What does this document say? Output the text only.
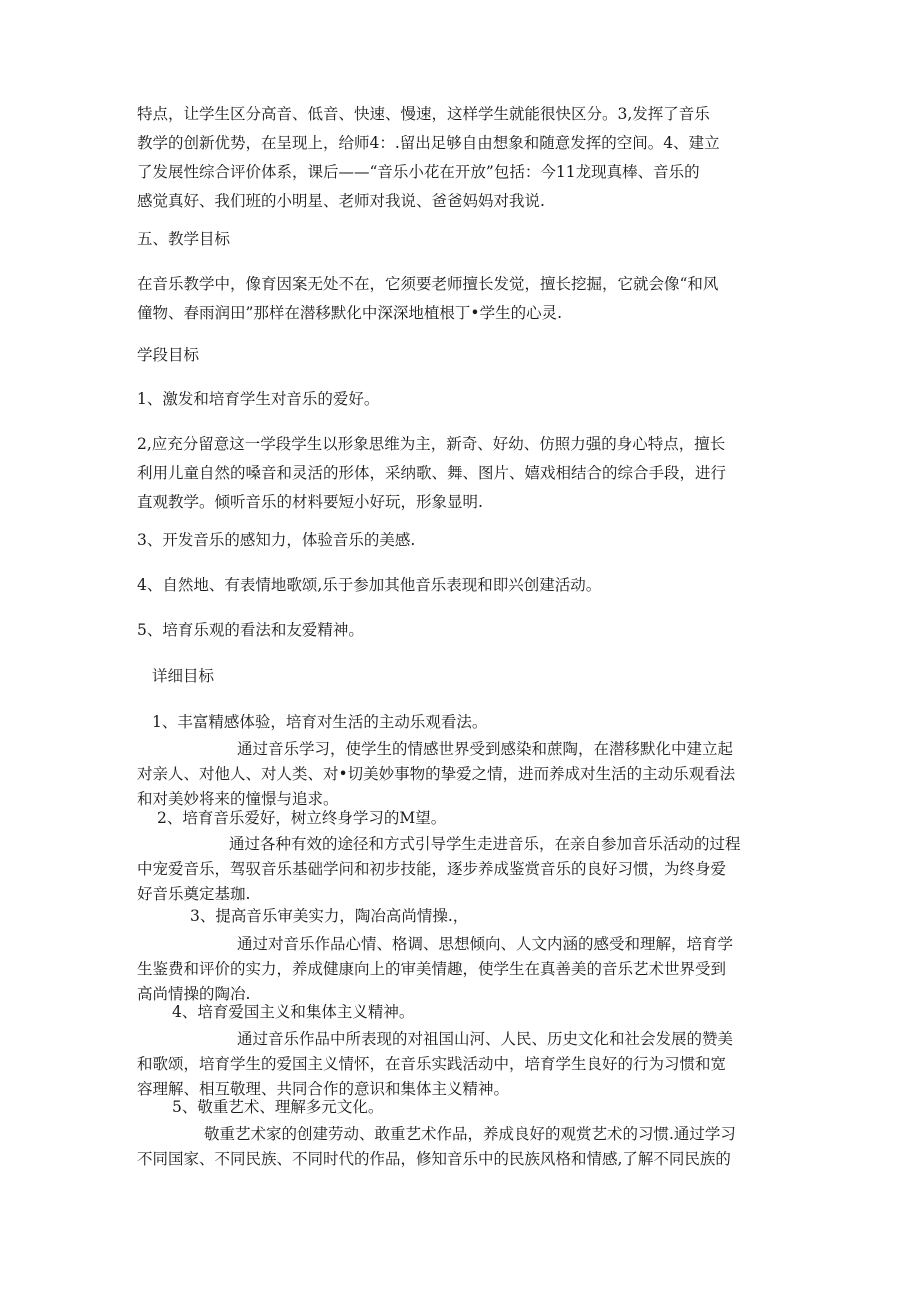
特点，让学生区分高音、低音、快速、慢速，这样学生就能很快区分。3,发挥了音乐
教学的创新优势，在呈现上，给师4：.留出足够自由想象和随意发挥的空间。4、建立
了发展性综合评价体系，课后——“音乐小花在开放”包括：今11龙现真棒、音乐的
感觉真好、我们班的小明星、老师对我说、爸爸妈妈对我说.
五、教学目标
在音乐教学中，像育因案无处不在，它须要老师擅长发觉，擅长挖掘，它就会像“和风
僮物、春雨润田”那样在潜移默化中深深地植根丁•学生的心灵.
学段目标
1、激发和培育学生对音乐的爱好。
2,应充分留意这一学段学生以形象思维为主，新奇、好幼、仿照力强的身心特点，擅长
利用儿童自然的嗓音和灵活的形体，采纳歌、舞、图片、嬉戏相结合的综合手段，进行
直观教学。倾听音乐的材料要短小好玩，形象显明.
3、开发音乐的感知力，体验音乐的美感.
4、自然地、有表情地歌颂,乐于参加其他音乐表现和即兴创建活动。
5、培育乐观的看法和友爱精神。
详细目标
1、丰富精感体验，培育对生活的主动乐观看法。
通过音乐学习，使学生的情感世界受到感染和蔗陶，在潜移默化中建立起
对亲人、对他人、对人类、对•切美妙事物的挚爱之情，进而养成对生活的主动乐观看法
和对美妙将来的憧憬与追求。
2、培育音乐爱好，树立终身学习的M望。
通过各种有效的途径和方式引导学生走进音乐，在亲自参加音乐活动的过程
中宠爱音乐，驾驭音乐基础学问和初步技能，逐步养成鉴赏音乐的良好习惯，为终身爱
好音乐奠定基珈.
3、提高音乐审美实力，陶冶高尚情操.，
通过对音乐作品心情、格调、思想倾向、人文内涵的感受和理解，培育学
生鉴费和评价的实力，养成健康向上的审美情趣，使学生在真善美的音乐艺术世界受到
高尚情操的陶冶.
4、培育爱国主义和集体主义精神。
通过音乐作品中所表现的对祖国山河、人民、历史文化和社会发展的赞美
和歌颂，培育学生的爱国主义情怀，在音乐实践活动中，培育学生良好的行为习惯和宽
容理解、相互敬理、共同合作的意识和集体主义精神。
5、敬重艺术、理解多元文化。
敬重艺术家的创建劳动、敢重艺术作品，养成良好的观赏艺术的习惯.通过学习
不同国家、不同民族、不同时代的作品，修知音乐中的民族风格和情感,了解不同民族的
